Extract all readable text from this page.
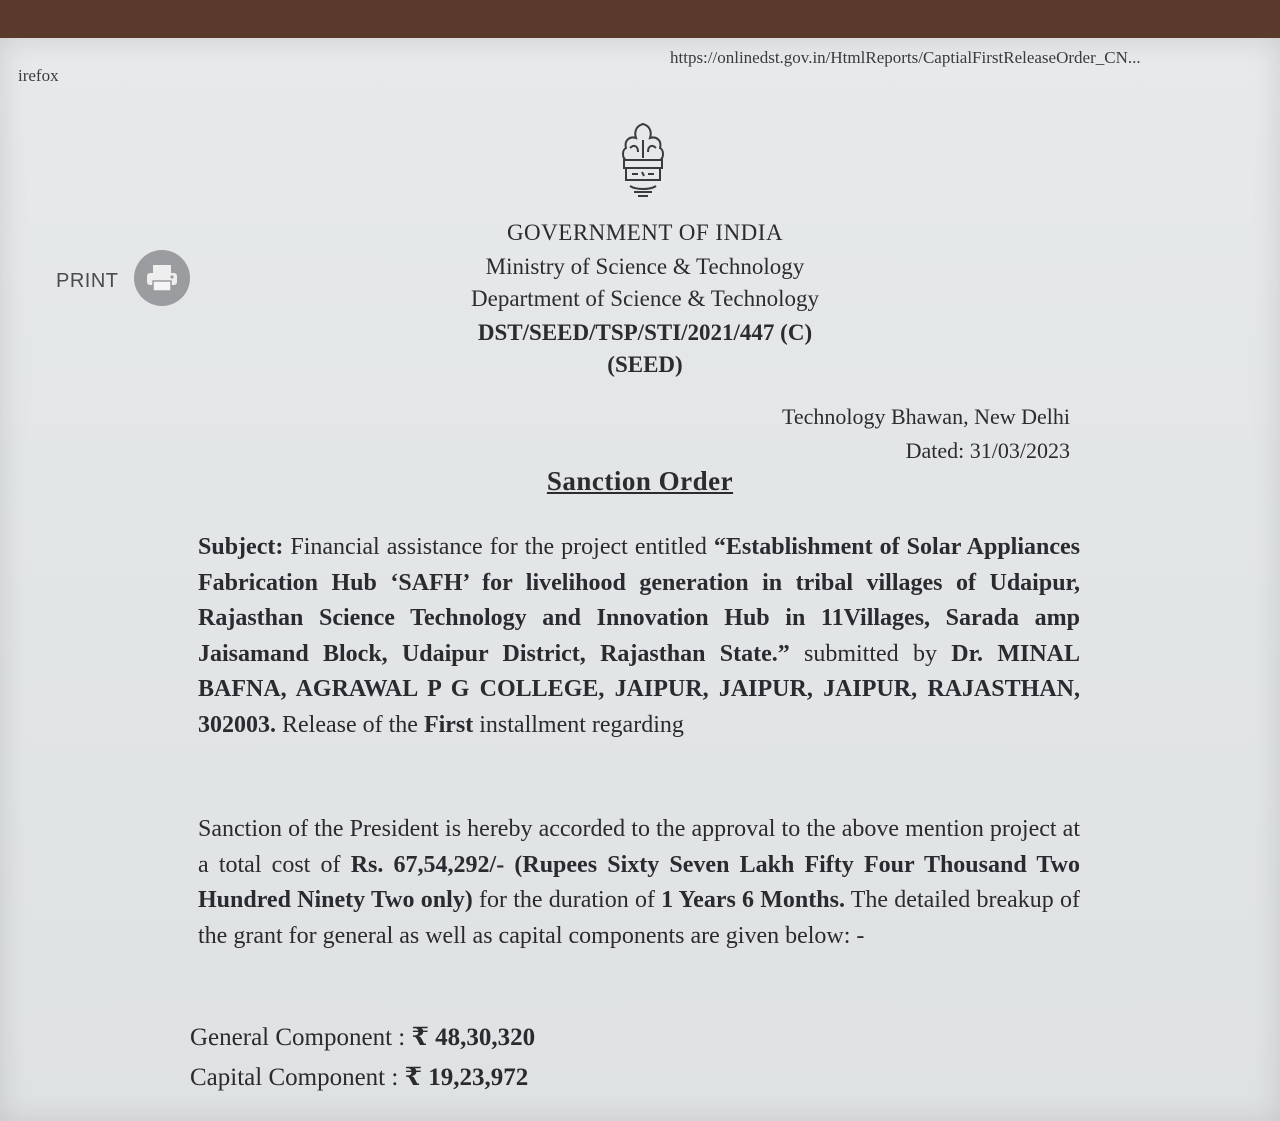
irefox
https://onlinedst.gov.in/HtmlReports/CaptialFirstReleaseOrder_CN...
PRINT
GOVERNMENT OF INDIA
Ministry of Science & Technology
Department of Science & Technology
DST/SEED/TSP/STI/2021/447 (C)
(SEED)
Technology Bhawan, New Delhi
Dated: 31/03/2023
Sanction Order
Subject: Financial assistance for the project entitled “Establishment of Solar Appliances Fabrication Hub ‘SAFH’ for livelihood generation in tribal villages of Udaipur, Rajasthan Science Technology and Innovation Hub in 11Villages, Sarada amp Jaisamand Block, Udaipur District, Rajasthan State.” submitted by Dr. MINAL BAFNA, AGRAWAL P G COLLEGE, JAIPUR, JAIPUR, JAIPUR, RAJASTHAN, 302003. Release of the First installment regarding
Sanction of the President is hereby accorded to the approval to the above mention project at a total cost of Rs. 67,54,292/- (Rupees Sixty Seven Lakh Fifty Four Thousand Two Hundred Ninety Two only) for the duration of 1 Years 6 Months. The detailed breakup of the grant for general as well as capital components are given below: -
General Component : ₹ 48,30,320
Capital Component : ₹ 19,23,972
